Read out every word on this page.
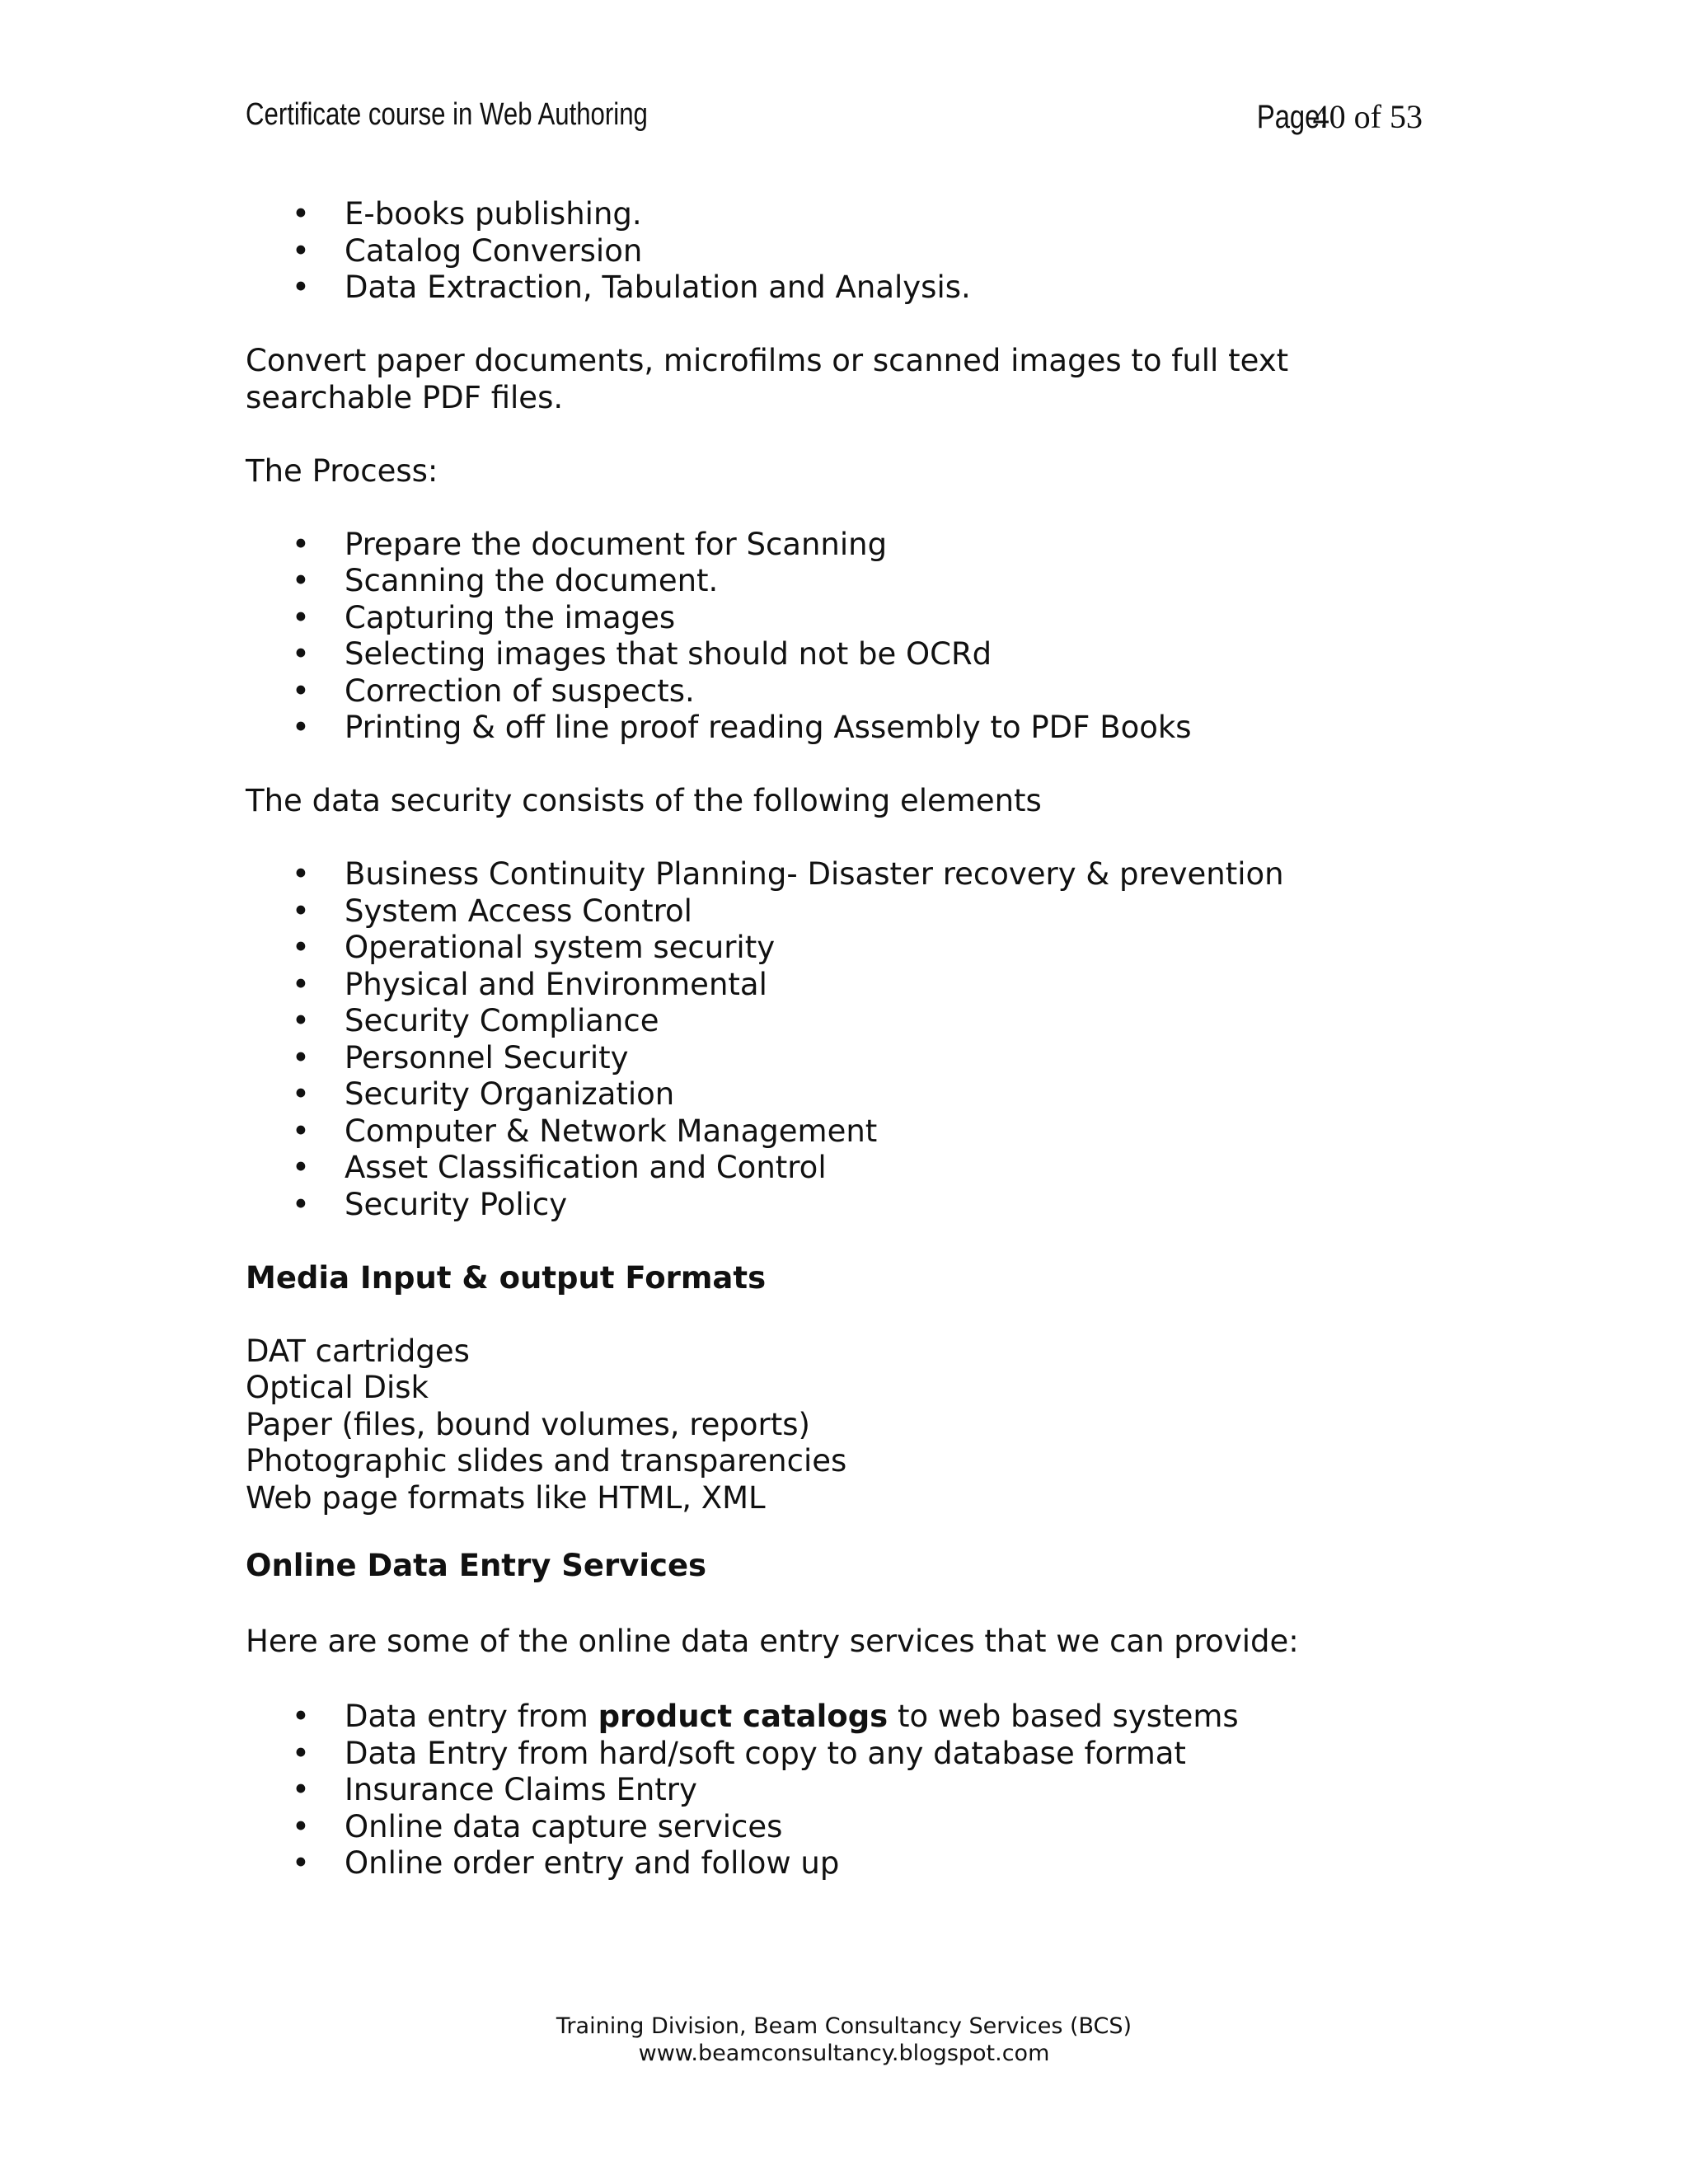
Certificate course in Web Authoring	Page:40 of 53
• E-books publishing.
• Catalog Conversion
• Data Extraction, Tabulation and Analysis.

Convert paper documents, microfilms or scanned images to full text
searchable PDF files.

The Process:

• Prepare the document for Scanning
• Scanning the document.
• Capturing the images
• Selecting images that should not be OCRd
• Correction of suspects.
• Printing & off line proof reading Assembly to PDF Books

The data security consists of the following elements

• Business Continuity Planning- Disaster recovery & prevention
• System Access Control
• Operational system security
• Physical and Environmental
• Security Compliance
• Personnel Security
• Security Organization
• Computer & Network Management
• Asset Classification and Control
• Security Policy

Media Input & output Formats

DAT cartridges
Optical Disk
Paper (files, bound volumes, reports)
Photographic slides and transparencies
Web page formats like HTML, XML

Online Data Entry Services

Here are some of the online data entry services that we can provide:

• Data entry from product catalogs to web based systems
• Data Entry from hard/soft copy to any database format
• Insurance Claims Entry
• Online data capture services
• Online order entry and follow up
Training Division, Beam Consultancy Services (BCS)
www.beamconsultancy.blogspot.com
